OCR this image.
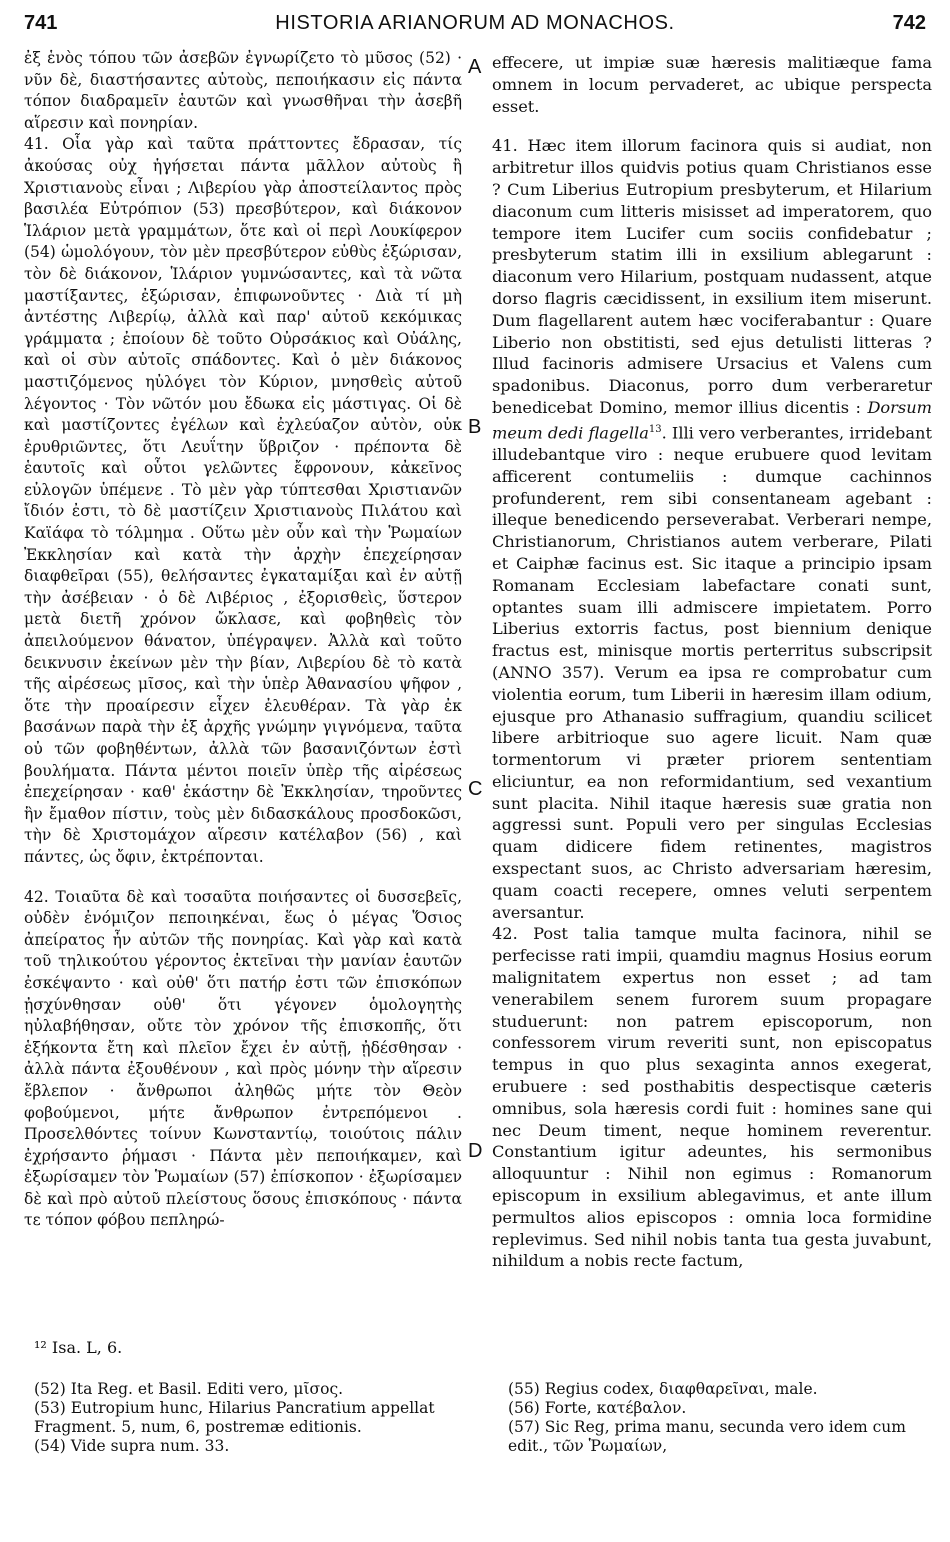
741	HISTORIA ARIANORUM AD MONACHOS.	742

ἐξ ἑνὸς τόπου τῶν ἀσεβῶν ἐγνωρίζετο τὸ μῦσος (52) · νῦν δὲ, διαστήσαντες αὐτοὺς, πεποιήκασιν εἰς πάντα τόπον διαδραμεῖν ἑαυτῶν καὶ γνωσθῆναι τὴν ἀσεβῆ αἵρεσιν καὶ πονηρίαν.

41. Οἷα γὰρ καὶ ταῦτα πράττοντες ἔδρασαν, τίς ἀκούσας οὐχ ἡγήσεται πάντα μᾶλλον αὐτοὺς ἢ Χριστιανοὺς εἶναι ; Λιβερίου γὰρ ἀποστείλαντος πρὸς βασιλέα Εὐτρόπιον (53) πρεσβύτερον, καὶ διάκονον Ἱλάριον μετὰ γραμμάτων, ὅτε καὶ οἱ περὶ Λουκίφερον (54) ὡμολόγουν, τὸν μὲν πρεσβύτερον εὐθὺς ἐξώρισαν, τὸν δὲ διάκονον, Ἱλάριον γυμνώσαντες, καὶ τὰ νῶτα μαστίξαντες, ἐξώρισαν, ἐπιφωνοῦντες · Διὰ τί μὴ ἀντέστης Λιβερίῳ, ἀλλὰ καὶ παρ' αὐτοῦ κεκόμικας γράμματα ; ἐποίουν δὲ τοῦτο Οὐρσάκιος καὶ Οὐάλης, καὶ οἱ σὺν αὐτοῖς σπάδοντες. Καὶ ὁ μὲν διάκονος μαστιζόμενος ηὐλόγει τὸν Κύριον, μνησθεὶς αὐτοῦ λέγοντος · Τὸν νῶτόν μου ἔδωκα εἰς μάστιγας. Οἱ δὲ καὶ μαστίζοντες ἐγέλων καὶ ἐχλεύαζον αὐτὸν, οὐκ ἐρυθριῶντες, ὅτι Λευΐτην ὕβριζον · πρέποντα δὲ ἑαυτοῖς καὶ οὗτοι γελῶντες ἔφρονουν, κἀκεῖνος εὐλογῶν ὑπέμενε . Τὸ μὲν γὰρ τύπτεσθαι Χριστιανῶν ἴδιόν ἐστι, τὸ δὲ μαστίζειν Χριστιανοὺς Πιλάτου καὶ Καϊάφα τὸ τόλμημα . Οὕτω μὲν οὖν καὶ τὴν Ῥωμαίων Ἐκκλησίαν καὶ κατὰ τὴν ἀρχὴν ἐπεχείρησαν διαφθεῖραι (55), θελήσαντες ἐγκαταμίξαι καὶ ἐν αὐτῇ τὴν ἀσέβειαν · ὁ δὲ Λιβέριος , ἐξορισθεὶς, ὕστερον μετὰ διετῆ χρόνον ὤκλασε, καὶ φοβηθεὶς τὸν ἀπειλούμενον θάνατον, ὑπέγραψεν. Ἀλλὰ καὶ τοῦτο δεικνυσιν ἐκείνων μὲν τὴν βίαν, Λιβερίου δὲ τὸ κατὰ τῆς αἱρέσεως μῖσος, καὶ τὴν ὑπὲρ Ἀθανασίου ψῆφον , ὅτε τὴν προαίρεσιν εἶχεν ἐλευθέραν. Τὰ γὰρ ἐκ βασάνων παρὰ τὴν ἐξ ἀρχῆς γνώμην γιγνόμενα, ταῦτα οὐ τῶν φοβηθέντων, ἀλλὰ τῶν βασανιζόντων ἐστὶ βουλήματα. Πάντα μέντοι ποιεῖν ὑπὲρ τῆς αἱρέσεως ἐπεχείρησαν · καθ' ἑκάστην δὲ Ἐκκλησίαν, τηροῦντες ἣν ἔμαθον πίστιν, τοὺς μὲν διδασκάλους προσδοκῶσι, τὴν δὲ Χριστομάχον αἵρεσιν κατέλαβον (56) , καὶ πάντες, ὡς ὄφιν, ἐκτρέπονται.

42. Τοιαῦτα δὲ καὶ τοσαῦτα ποιήσαντες οἱ δυσσεβεῖς, οὐδὲν ἐνόμιζον πεποιηκέναι, ἕως ὁ μέγας Ὅσιος ἀπείρατος ἦν αὐτῶν τῆς πονηρίας. Καὶ γὰρ καὶ κατὰ τοῦ τηλικούτου γέροντος ἐκτεῖναι τὴν μανίαν ἑαυτῶν ἐσκέψαντο · καὶ οὐθ' ὅτι πατήρ ἐστι τῶν ἐπισκόπων ᾐσχύνθησαν οὐθ' ὅτι γέγονεν ὁμολογητὴς ηὐλαβήθησαν, οὔτε τὸν χρόνον τῆς ἐπισκοπῆς, ὅτι ἑξήκοντα ἔτη καὶ πλεῖον ἔχει ἐν αὐτῇ, ᾐδέσθησαν · ἀλλὰ πάντα ἐξουθένουν , καὶ πρὸς μόνην τὴν αἵρεσιν ἔβλεπον · ἄνθρωποι ἀληθῶς μήτε τὸν Θεὸν φοβούμενοι, μήτε ἄνθρωπον ἐντρεπόμενοι . Προσελθόντες τοίνυν Κωνσταντίῳ, τοιούτοις πάλιν ἐχρήσαντο ῥήμασι · Πάντα μὲν πεποιήκαμεν, καὶ ἐξωρίσαμεν τὸν Ῥωμαίων (57) ἐπίσκοπον · ἐξωρίσαμεν δὲ καὶ πρὸ αὐτοῦ πλείστους ὅσους ἐπισκόπους · πάντα τε τόπον φόβου πεπληρώ-

effecere, ut impiæ suæ hæresis malitiæque fama omnem in locum pervaderet, ac ubique perspecta esset.

41. Hæc item illorum facinora quis si audiat, non arbitretur illos quidvis potius quam Christianos esse ? Cum Liberius Eutropium presbyterum, et Hilarium diaconum cum litteris misisset ad imperatorem, quo tempore item Lucifer cum sociis confidebatur ; presbyterum statim illi in exsilium ablegarunt : diaconum vero Hilarium, postquam nudassent, atque dorso flagris cæcidissent, in exsilium item miserunt. Dum flagellarent autem hæc vociferabantur : Quare Liberio non obstitisti, sed ejus detulisti litteras ? Illud facinoris admisere Ursacius et Valens cum spadonibus. Diaconus, porro dum verberaretur benedicebat Domino, memor illius dicentis : Dorsum meum dedi flagella$^{13}$. Illi vero verberantes, irridebant illudebantque viro : neque erubuere quod levitam afficerent contumeliis : dumque cachinnos profunderent, rem sibi consentaneam agebant : illeque benedicendo perseverabat. Verberari nempe, Christianorum, Christianos autem verberare, Pilati et Caiphæ facinus est. Sic itaque a principio ipsam Romanam Ecclesiam labefactare conati sunt, optantes suam illi admiscere impietatem. Porro Liberius extorris factus, post biennium denique fractus est, minisque mortis perterritus subscripsit (ANNO 357). Verum ea ipsa re comprobatur cum violentia eorum, tum Liberii in hæresim illam odium, ejusque pro Athanasio suffragium, quandiu scilicet libere arbitrioque suo agere licuit. Nam quæ tormentorum vi præter priorem sententiam eliciuntur, ea non reformidantium, sed vexantium sunt placita. Nihil itaque hæresis suæ gratia non aggressi sunt. Populi vero per singulas Ecclesias quam didicere fidem retinentes, magistros exspectant suos, ac Christo adversariam hæresim, quam coacti recepere, omnes veluti serpentem aversantur.

42. Post talia tamque multa facinora, nihil se perfecisse rati impii, quamdiu magnus Hosius eorum malignitatem expertus non esset ; ad tam venerabilem senem furorem suum propagare studuerunt: non patrem episcoporum, non confessorem virum reveriti sunt, non episcopatus tempus in quo plus sexaginta annos exegerat, erubuere : sed posthabitis despectisque cæteris omnibus, sola hæresis cordi fuit : homines sane qui nec Deum timent, neque hominem reverentur. Constantium igitur adeuntes, his sermonibus alloquuntur : Nihil non egimus : Romanorum episcopum in exsilium ablegavimus, et ante illum permultos alios episcopos : omnia loca formidine replevimus. Sed nihil nobis tanta tua gesta juvabunt, nihildum a nobis recte factum,

A
B
C
D
¹² Isa. L, 6.
(52) Ita Reg. et Basil. Editi vero, μῖσος.
(53) Eutropium hunc, Hilarius Pancratium appellat Fragment. 5, num, 6, postremæ editionis.
(54) Vide supra num. 33.
(55) Regius codex, διαφθαρεῖναι, male.
(56) Forte, κατέβαλον.
(57) Sic Reg, prima manu, secunda vero idem cum edit., τῶν Ῥωμαίων,
